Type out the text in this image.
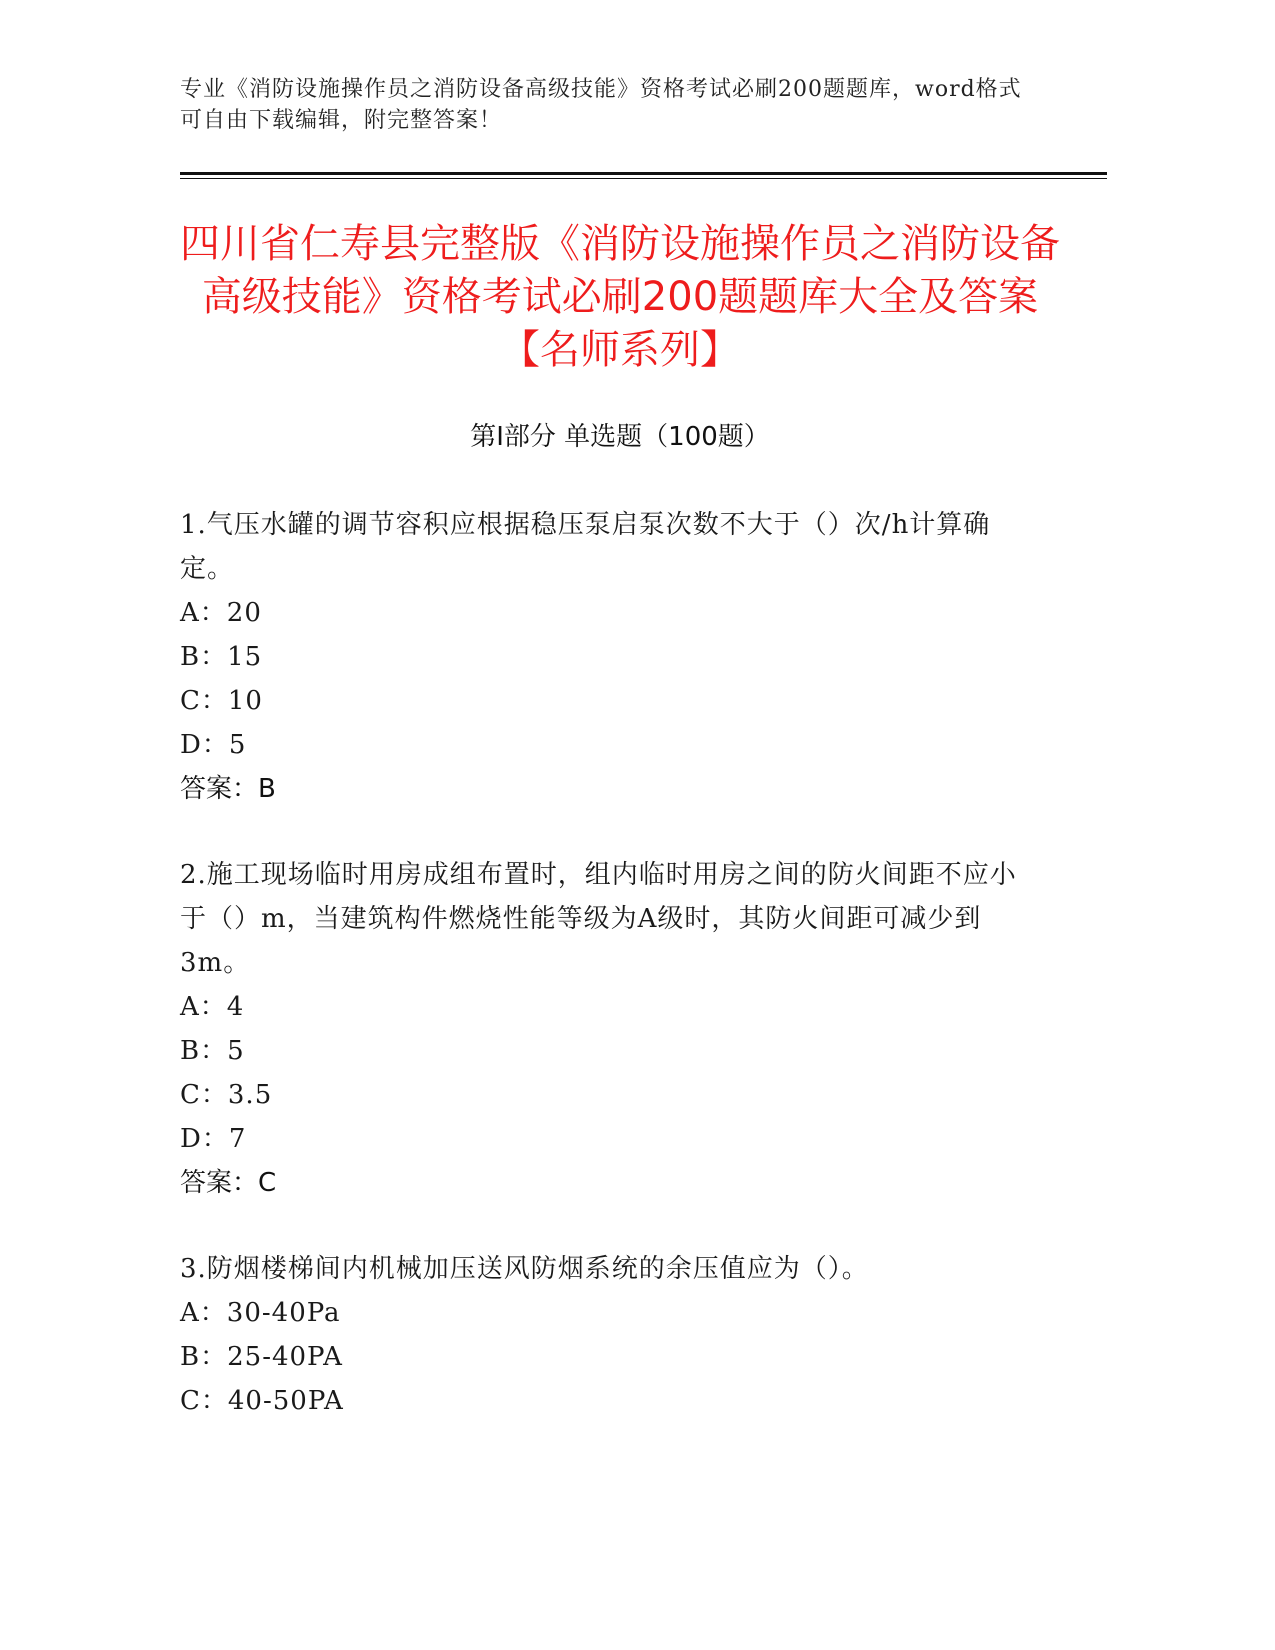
专业《消防设施操作员之消防设备高级技能》资格考试必刷200题题库，word格式可自由下载编辑，附完整答案！
四川省仁寿县完整版《消防设施操作员之消防设备高级技能》资格考试必刷200题题库大全及答案【名师系列】
第Ⅰ部分 单选题（100题）
1.气压水罐的调节容积应根据稳压泵启泵次数不大于（）次/h计算确定。
A：20
B：15
C：10
D：5
答案：B
2.施工现场临时用房成组布置时，组内临时用房之间的防火间距不应小于（）m，当建筑构件燃烧性能等级为A级时，其防火间距可减少到3m。
A：4
B：5
C：3.5
D：7
答案：C
3.防烟楼梯间内机械加压送风防烟系统的余压值应为（）。
A：30-40Pa
B：25-40PA
C：40-50PA
